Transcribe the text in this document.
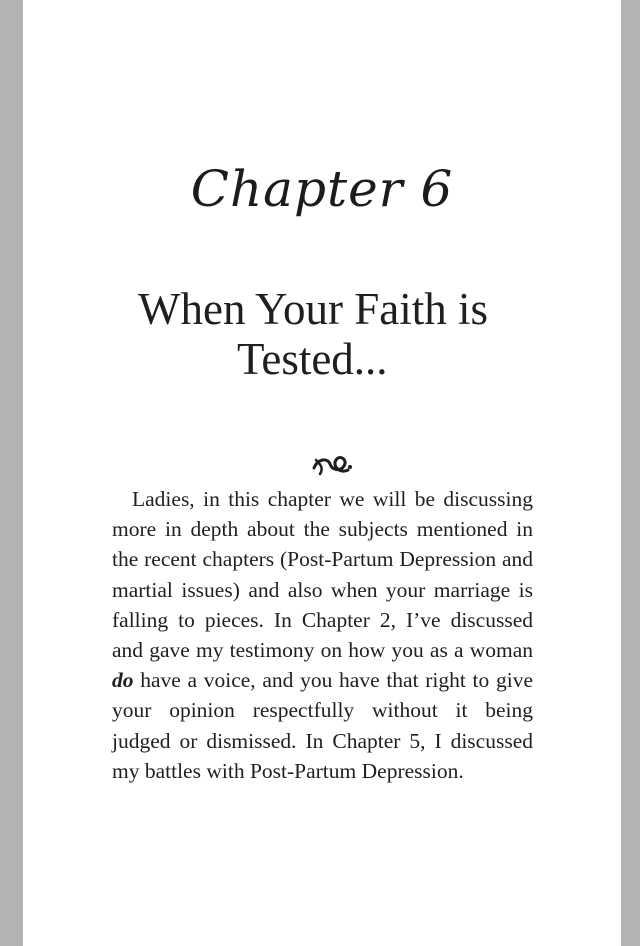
Chapter 6
When Your Faith is
Tested...

Ladies, in this chapter we will be discussing more in depth about the subjects mentioned in the recent chapters (Post-Partum Depression and martial issues) and also when your marriage is falling to pieces. In Chapter 2, I’ve discussed and gave my testimony on how you as a woman do have a voice, and you have that right to give your opinion respectfully without it being judged or dismissed. In Chapter 5, I discussed my battles with Post-Partum Depression.
